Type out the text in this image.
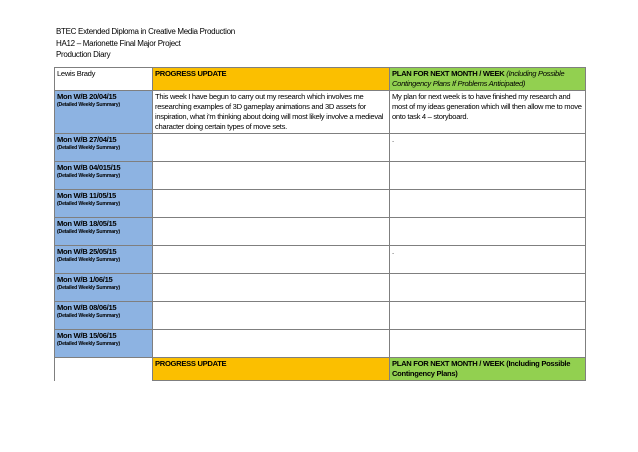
BTEC Extended Diploma in Creative Media Production
HA12 – Marionette Final Major Project
Production Diary
Lewis Brady	PROGRESS UPDATE	PLAN FOR NEXT MONTH / WEEK (Including Possible Contingency Plans If Problems Anticipated)

Mon W/B 20/04/15
(Detailed Weekly Summary)	This week I have begun to carry out my research which involves me researching examples of 3D gameplay animations and 3D assets for inspiration, what i’m thinking about doing will most likely involve a medieval character doing certain types of move sets.	My plan for next week is to have finished my research and most of my ideas generation which will then allow me to move onto task 4 – storyboard.

Mon W/B 27/04/15
(Detailed Weekly Summary)		.

Mon W/B 04/015/15
(Detailed Weekly Summary)		

Mon W/B 11/05/15
(Detailed Weekly Summary)		

Mon W/B 18/05/15
(Detailed Weekly Summary)		

Mon W/B 25/05/15
(Detailed Weekly Summary)		.

Mon W/B 1/06/15
(Detailed Weekly Summary)		

Mon W/B 08/06/15
(Detailed Weekly Summary)		

Mon W/B 15/06/15
(Detailed Weekly Summary)		

	PROGRESS UPDATE	PLAN FOR NEXT MONTH / WEEK (Including Possible Contingency Plans)
